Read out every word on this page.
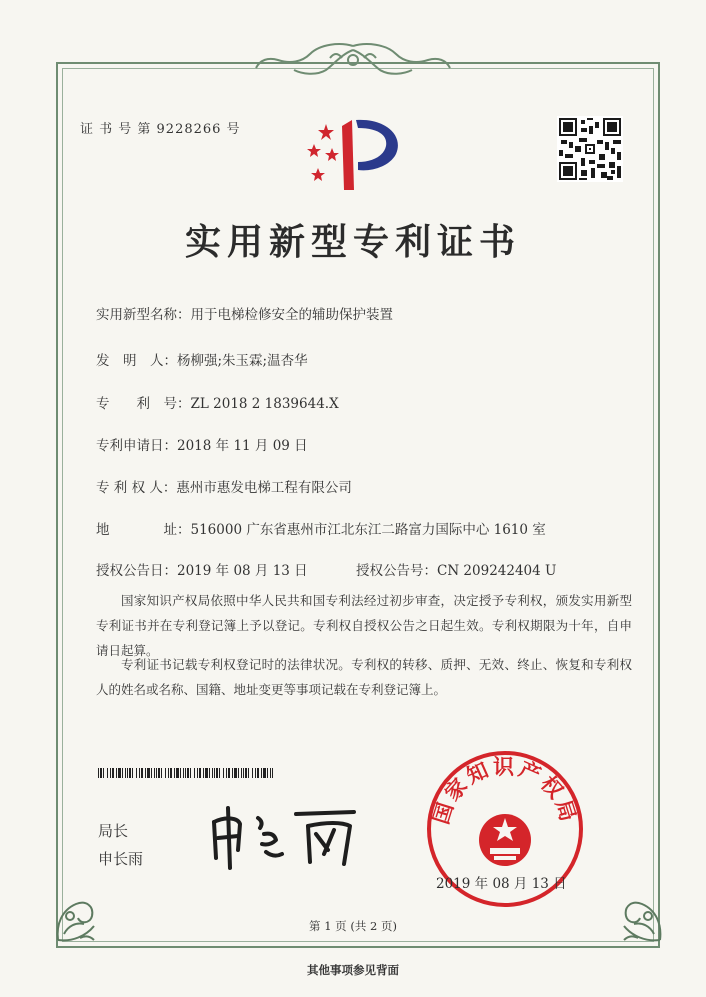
证 书 号 第 9228266 号
实用新型专利证书
实用新型名称：用于电梯检修安全的辅助保护装置
发　明　人：杨柳强;朱玉霖;温杏华
专　　利　号：ZL 2018 2 1839644.X
专利申请日：2018 年 11 月 09 日
专 利 权 人：惠州市惠发电梯工程有限公司
地　　　　址：516000 广东省惠州市江北东江二路富力国际中心 1610 室
授权公告日：2019 年 08 月 13 日	授权公告号：CN 209242404 U
国家知识产权局依照中华人民共和国专利法经过初步审查，决定授予专利权，颁发实用新型专利证书并在专利登记簿上予以登记。专利权自授权公告之日起生效。专利权期限为十年，自申请日起算。
专利证书记载专利权登记时的法律状况。专利权的转移、质押、无效、终止、恢复和专利权人的姓名或名称、国籍、地址变更等事项记载在专利登记簿上。
局长
申长雨
国家知识产权局
2019 年 08 月 13 日
第 1 页 (共 2 页)
其他事项参见背面
